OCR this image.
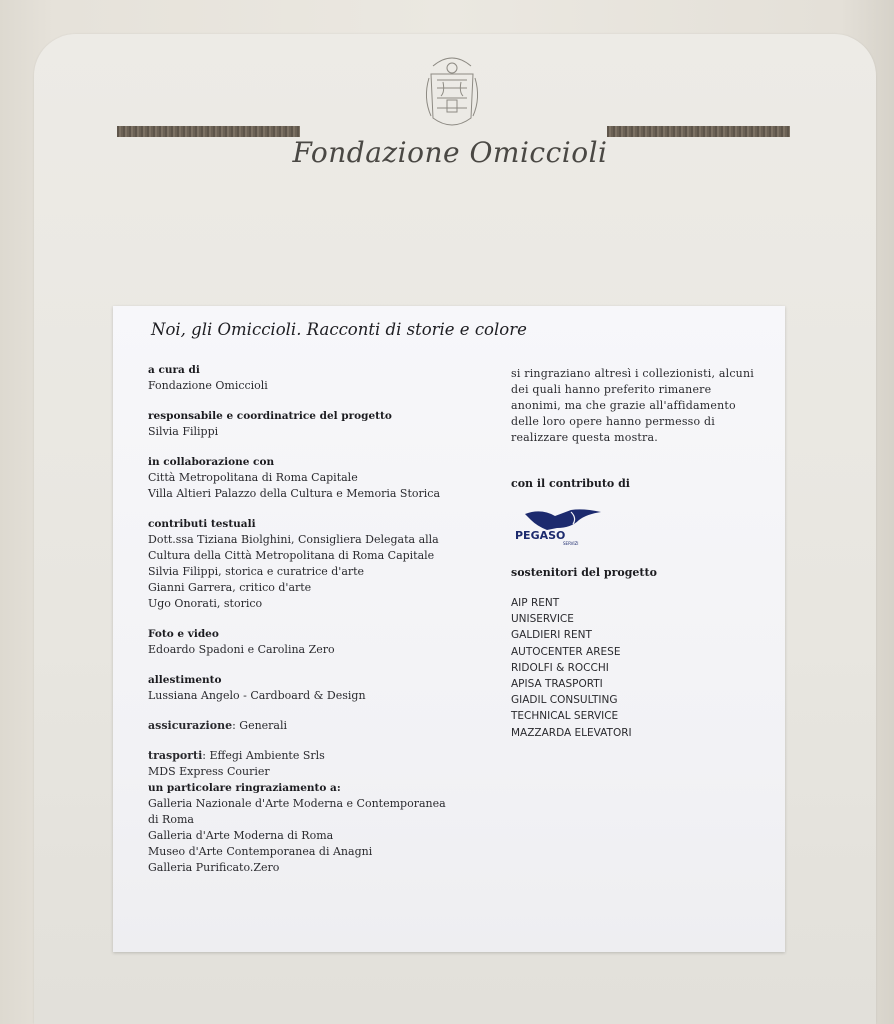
Fondazione Omiccioli
Noi, gli Omiccioli. Racconti di storie e colore
a cura di
Fondazione Omiccioli
responsabile e coordinatrice del progetto
Silvia Filippi
in collaborazione con
Città Metropolitana di Roma Capitale
Villa Altieri Palazzo della Cultura e Memoria Storica
contributi testuali
Dott.ssa Tiziana Biolghini, Consigliera Delegata alla
Cultura della Città Metropolitana di Roma Capitale
Silvia Filippi, storica e curatrice d'arte
Gianni Garrera, critico d'arte
Ugo Onorati, storico
Foto e video
Edoardo Spadoni e Carolina Zero
allestimento
Lussiana Angelo - Cardboard & Design
assicurazione: Generali
trasporti: Effegi Ambiente Srls
MDS Express Courier
un particolare ringraziamento a:
Galleria Nazionale d'Arte Moderna e Contemporanea
di Roma
Galleria d'Arte Moderna di Roma
Museo d'Arte Contemporanea di Anagni
Galleria Purificato.Zero
si ringraziano altresì i collezionisti, alcuni dei quali hanno preferito rimanere anonimi, ma che grazie all'affidamento delle loro opere hanno permesso di realizzare questa mostra.
con il contributo di
PEGASO
SERVIZI
sostenitori del progetto
AIP RENT
UNISERVICE
GALDIERI RENT
AUTOCENTER ARESE
RIDOLFI & ROCCHI
APISA TRASPORTI
GIADIL CONSULTING
TECHNICAL SERVICE
MAZZARDA ELEVATORI
